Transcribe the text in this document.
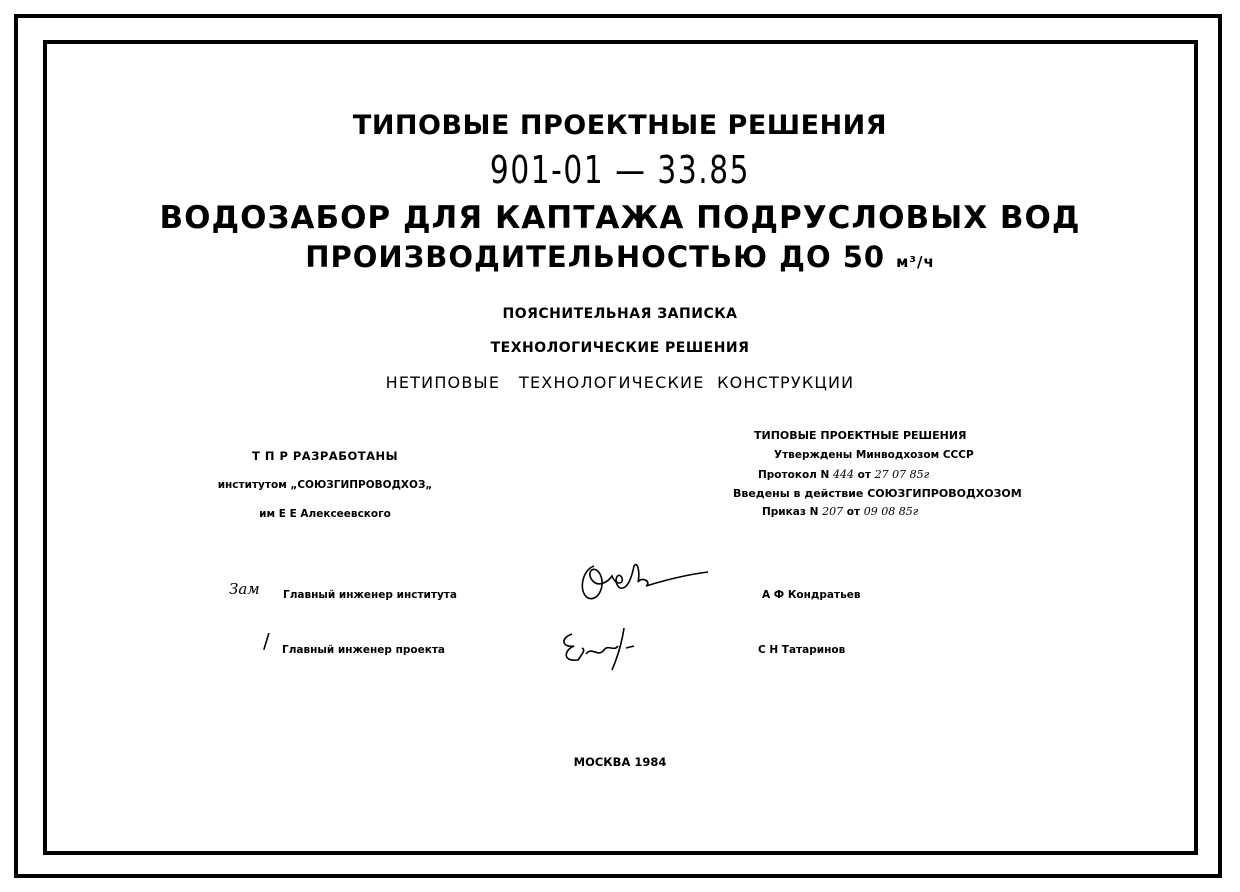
ТИПОВЫЕ ПРОЕКТНЫЕ РЕШЕНИЯ
901-01 — 33.85
ВОДОЗАБОР ДЛЯ КАПТАЖА ПОДРУСЛОВЫХ ВОД
ПРОИЗВОДИТЕЛЬНОСТЬЮ ДО 50 м³/ч
ПОЯСНИТЕЛЬНАЯ ЗАПИСКА
ТЕХНОЛОГИЧЕСКИЕ РЕШЕНИЯ
НЕТИПОВЫЕ   ТЕХНОЛОГИЧЕСКИЕ  КОНСТРУКЦИИ
Т П Р РАЗРАБОТАНЫ
институтом „СОЮЗГИПРОВОДХОЗ„
им Е Е Алексеевского
ТИПОВЫЕ ПРОЕКТНЫЕ РЕШЕНИЯ
Утверждены Минводхозом СССР
Протокол N 444 от 27 07 85г
Введены в действие СОЮЗГИПРОВОДХОЗОМ
Приказ N 207 от 09 08 85г
Зам Главный инженер института	А Ф Кондратьев
/ Главный инженер проекта	С Н Татаринов
МОСКВА 1984
